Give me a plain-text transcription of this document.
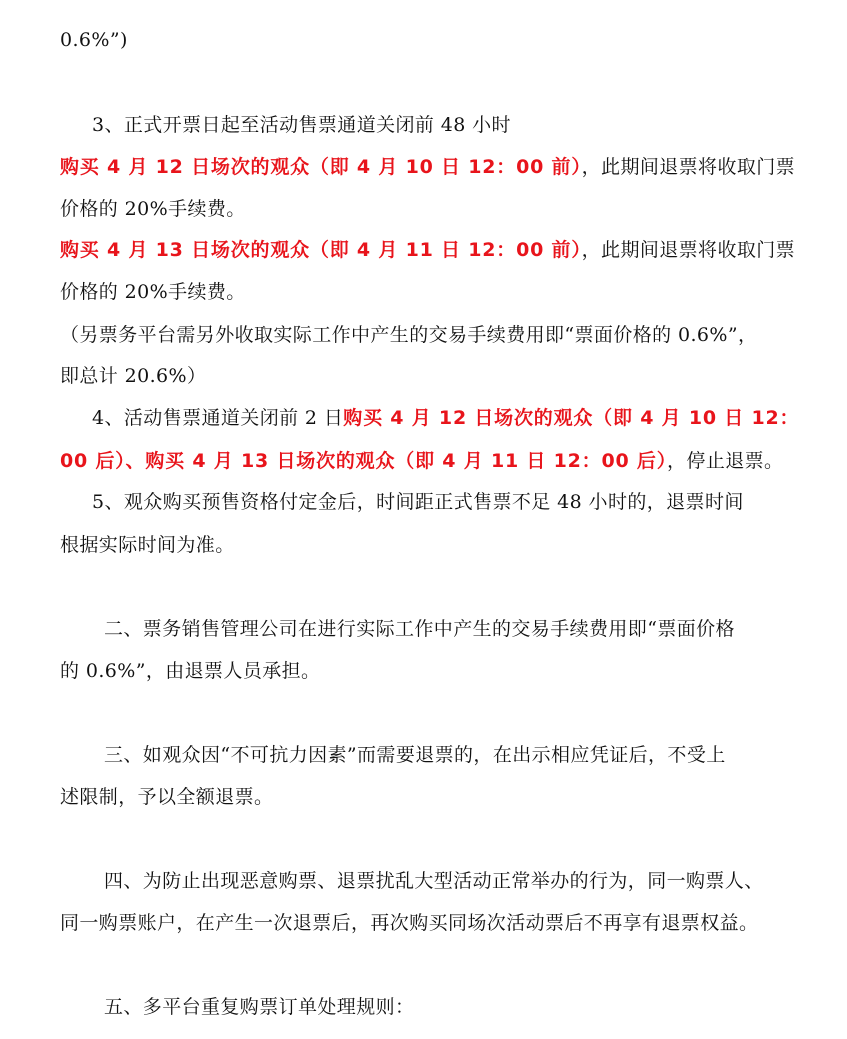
0.6%”)
3、正式开票日起至活动售票通道关闭前 48 小时
购买 4 月 12 日场次的观众（即 4 月 10 日 12：00 前），此期间退票将收取门票
价格的 20%手续费。
购买 4 月 13 日场次的观众（即 4 月 11 日 12：00 前），此期间退票将收取门票
价格的 20%手续费。
（另票务平台需另外收取实际工作中产生的交易手续费用即“票面价格的 0.6%”，
即总计 20.6%）
4、活动售票通道关闭前 2 日购买 4 月 12 日场次的观众（即 4 月 10 日 12：
00 后）、购买 4 月 13 日场次的观众（即 4 月 11 日 12：00 后），停止退票。
5、观众购买预售资格付定金后，时间距正式售票不足 48 小时的，退票时间
根据实际时间为准。
二、票务销售管理公司在进行实际工作中产生的交易手续费用即“票面价格
的 0.6%”，由退票人员承担。
三、如观众因“不可抗力因素”而需要退票的，在出示相应凭证后，不受上
述限制，予以全额退票。
四、为防止出现恶意购票、退票扰乱大型活动正常举办的行为，同一购票人、
同一购票账户，在产生一次退票后，再次购买同场次活动票后不再享有退票权益。
五、多平台重复购票订单处理规则：
